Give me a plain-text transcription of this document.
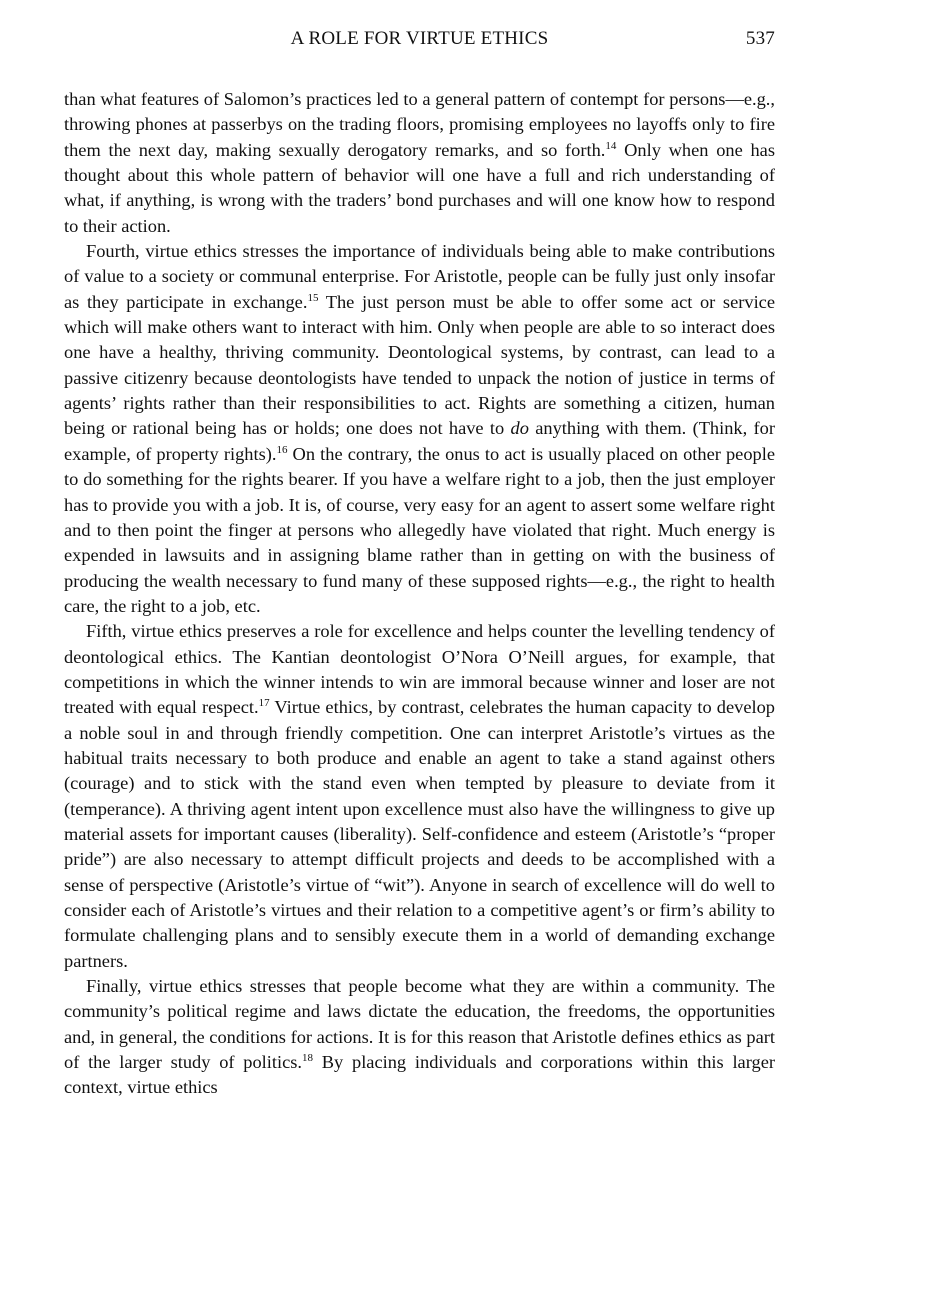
A ROLE FOR VIRTUE ETHICS	537

than what features of Salomon’s practices led to a general pattern of contempt for persons—e.g., throwing phones at passerbys on the trading floors, promising employees no layoffs only to fire them the next day, making sexually derogatory remarks, and so forth.$^{14}$ Only when one has thought about this whole pattern of behavior will one have a full and rich understanding of what, if anything, is wrong with the traders’ bond purchases and will one know how to respond to their action.

Fourth, virtue ethics stresses the importance of individuals being able to make contributions of value to a society or communal enterprise. For Aristotle, people can be fully just only insofar as they participate in exchange.$^{15}$ The just person must be able to offer some act or service which will make others want to interact with him. Only when people are able to so interact does one have a healthy, thriving community. Deontological systems, by contrast, can lead to a passive citizenry because deontologists have tended to unpack the notion of justice in terms of agents’ rights rather than their responsibilities to act. Rights are something a citizen, human being or rational being has or holds; one does not have to do anything with them. (Think, for example, of property rights).$^{16}$ On the contrary, the onus to act is usually placed on other people to do something for the rights bearer. If you have a welfare right to a job, then the just employer has to provide you with a job. It is, of course, very easy for an agent to assert some welfare right and to then point the finger at persons who allegedly have violated that right. Much energy is expended in lawsuits and in assigning blame rather than in getting on with the business of producing the wealth necessary to fund many of these supposed rights—e.g., the right to health care, the right to a job, etc.

Fifth, virtue ethics preserves a role for excellence and helps counter the levelling tendency of deontological ethics. The Kantian deontologist O’Nora O’Neill argues, for example, that competitions in which the winner intends to win are immoral because winner and loser are not treated with equal respect.$^{17}$ Virtue ethics, by contrast, celebrates the human capacity to develop a noble soul in and through friendly competition. One can interpret Aristotle’s virtues as the habitual traits necessary to both produce and enable an agent to take a stand against others (courage) and to stick with the stand even when tempted by pleasure to deviate from it (temperance). A thriving agent intent upon excellence must also have the willingness to give up material assets for important causes (liberality). Self-confidence and esteem (Aristotle’s “proper pride”) are also necessary to attempt difficult projects and deeds to be accomplished with a sense of perspective (Aristotle’s virtue of “wit”). Anyone in search of excellence will do well to consider each of Aristotle’s virtues and their relation to a competitive agent’s or firm’s ability to formulate challenging plans and to sensibly execute them in a world of demanding exchange partners.

Finally, virtue ethics stresses that people become what they are within a community. The community’s political regime and laws dictate the education, the freedoms, the opportunities and, in general, the conditions for actions. It is for this reason that Aristotle defines ethics as part of the larger study of politics.$^{18}$ By placing individuals and corporations within this larger context, virtue ethics
